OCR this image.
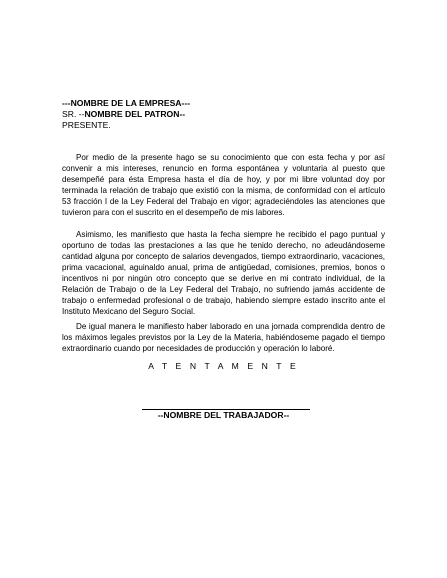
---NOMBRE DE LA EMPRESA---
SR. --NOMBRE DEL PATRON--
PRESENTE.

Por medio de la presente hago se su conocimiento que con esta fecha y por así convenir a mis intereses, renuncio en forma espontánea y voluntaria al puesto que desempeñé para ésta Empresa hasta el día de hoy, y por mi libre voluntad doy por terminada la relación de trabajo que existió con la misma, de conformidad con el artículo 53 fracción I de la Ley Federal del Trabajo en vigor; agradeciéndoles las atenciones que tuvieron para con el suscrito en el desempeño de mis labores.

Asimismo, les manifiesto que hasta la fecha siempre he recibido el pago puntual y oportuno de todas las prestaciones a las que he tenido derecho, no adeudándoseme cantidad alguna por concepto de salarios devengados, tiempo extraordinario, vacaciones, prima vacacional, aguinaldo anual, prima de antigüedad, comisiones, premios, bonos o incentivos ni por ningún otro concepto que se derive en mi contrato individual, de la Relación de Trabajo o de la Ley Federal del Trabajo, no sufriendo jamás accidente de trabajo o enfermedad profesional o de trabajo, habiendo siempre estado inscrito ante el Instituto Mexicano del Seguro Social.

De igual manera le manifiesto haber laborado en una jornada comprendida dentro de los máximos legales previstos por la Ley de la Materia, habiéndoseme pagado el tiempo extraordinario cuando por necesidades de producción y operación lo laboré.

A T E N T A M E N T E
--NOMBRE DEL TRABAJADOR--
